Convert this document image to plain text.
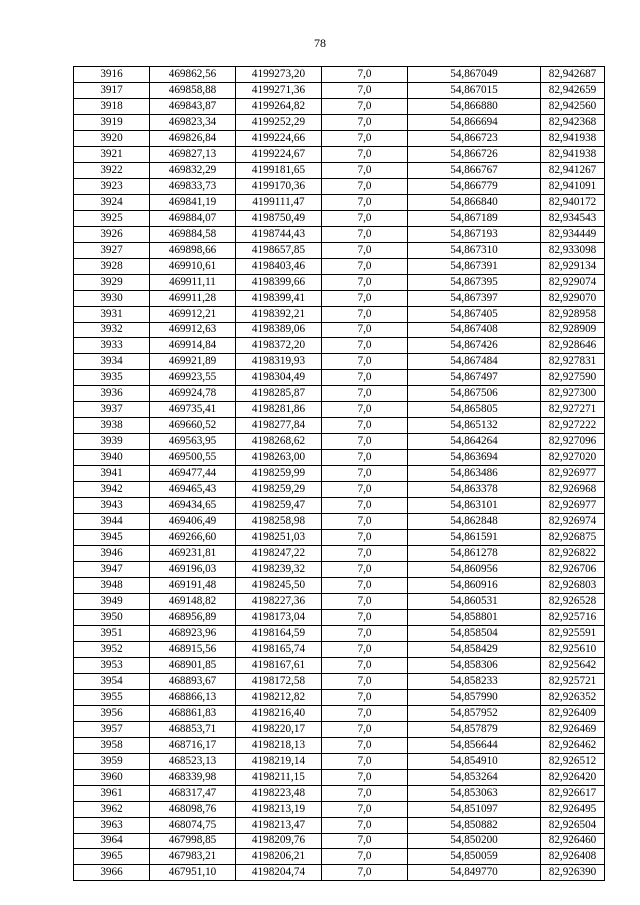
78
3916	469862,56	4199273,20	7,0	54,867049	82,942687
3917	469858,88	4199271,36	7,0	54,867015	82,942659
3918	469843,87	4199264,82	7,0	54,866880	82,942560
3919	469823,34	4199252,29	7,0	54,866694	82,942368
3920	469826,84	4199224,66	7,0	54,866723	82,941938
3921	469827,13	4199224,67	7,0	54,866726	82,941938
3922	469832,29	4199181,65	7,0	54,866767	82,941267
3923	469833,73	4199170,36	7,0	54,866779	82,941091
3924	469841,19	4199111,47	7,0	54,866840	82,940172
3925	469884,07	4198750,49	7,0	54,867189	82,934543
3926	469884,58	4198744,43	7,0	54,867193	82,934449
3927	469898,66	4198657,85	7,0	54,867310	82,933098
3928	469910,61	4198403,46	7,0	54,867391	82,929134
3929	469911,11	4198399,66	7,0	54,867395	82,929074
3930	469911,28	4198399,41	7,0	54,867397	82,929070
3931	469912,21	4198392,21	7,0	54,867405	82,928958
3932	469912,63	4198389,06	7,0	54,867408	82,928909
3933	469914,84	4198372,20	7,0	54,867426	82,928646
3934	469921,89	4198319,93	7,0	54,867484	82,927831
3935	469923,55	4198304,49	7,0	54,867497	82,927590
3936	469924,78	4198285,87	7,0	54,867506	82,927300
3937	469735,41	4198281,86	7,0	54,865805	82,927271
3938	469660,52	4198277,84	7,0	54,865132	82,927222
3939	469563,95	4198268,62	7,0	54,864264	82,927096
3940	469500,55	4198263,00	7,0	54,863694	82,927020
3941	469477,44	4198259,99	7,0	54,863486	82,926977
3942	469465,43	4198259,29	7,0	54,863378	82,926968
3943	469434,65	4198259,47	7,0	54,863101	82,926977
3944	469406,49	4198258,98	7,0	54,862848	82,926974
3945	469266,60	4198251,03	7,0	54,861591	82,926875
3946	469231,81	4198247,22	7,0	54,861278	82,926822
3947	469196,03	4198239,32	7,0	54,860956	82,926706
3948	469191,48	4198245,50	7,0	54,860916	82,926803
3949	469148,82	4198227,36	7,0	54,860531	82,926528
3950	468956,89	4198173,04	7,0	54,858801	82,925716
3951	468923,96	4198164,59	7,0	54,858504	82,925591
3952	468915,56	4198165,74	7,0	54,858429	82,925610
3953	468901,85	4198167,61	7,0	54,858306	82,925642
3954	468893,67	4198172,58	7,0	54,858233	82,925721
3955	468866,13	4198212,82	7,0	54,857990	82,926352
3956	468861,83	4198216,40	7,0	54,857952	82,926409
3957	468853,71	4198220,17	7,0	54,857879	82,926469
3958	468716,17	4198218,13	7,0	54,856644	82,926462
3959	468523,13	4198219,14	7,0	54,854910	82,926512
3960	468339,98	4198211,15	7,0	54,853264	82,926420
3961	468317,47	4198223,48	7,0	54,853063	82,926617
3962	468098,76	4198213,19	7,0	54,851097	82,926495
3963	468074,75	4198213,47	7,0	54,850882	82,926504
3964	467998,85	4198209,76	7,0	54,850200	82,926460
3965	467983,21	4198206,21	7,0	54,850059	82,926408
3966	467951,10	4198204,74	7,0	54,849770	82,926390
